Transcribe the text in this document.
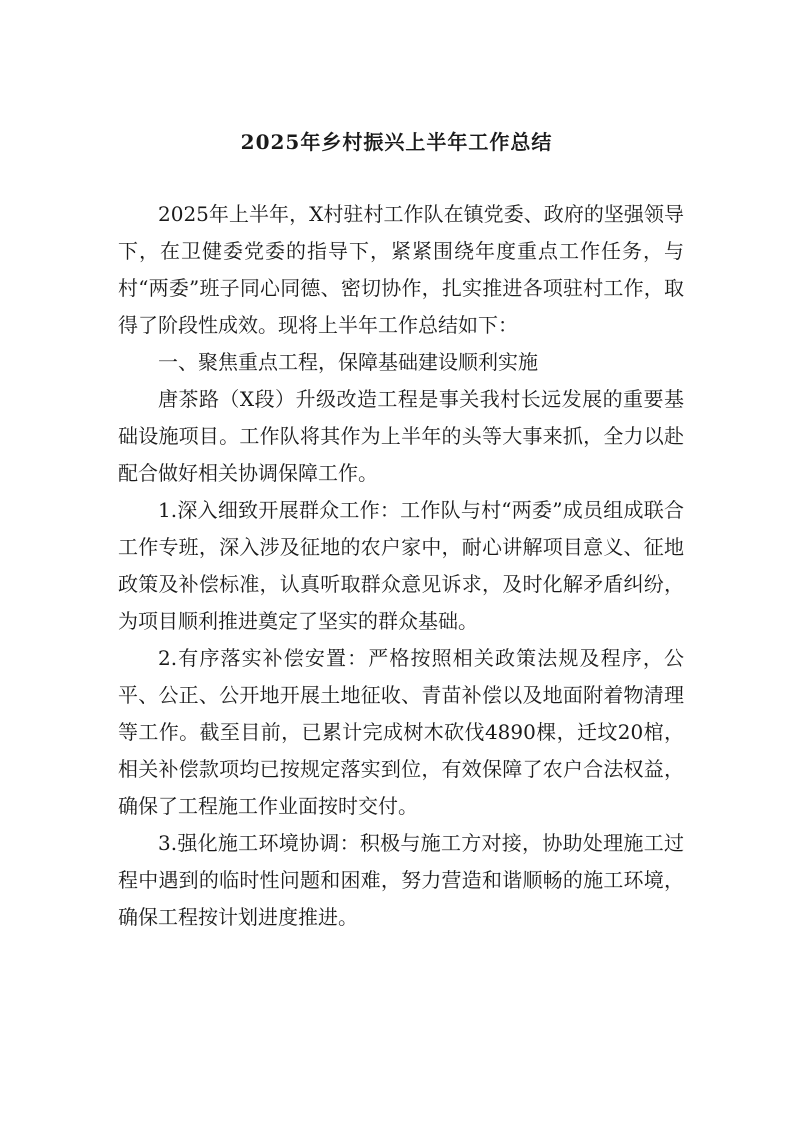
2025年乡村振兴上半年工作总结

2025年上半年，X村驻村工作队在镇党委、政府的坚强领导下，在卫健委党委的指导下，紧紧围绕年度重点工作任务，与村“两委”班子同心同德、密切协作，扎实推进各项驻村工作，取得了阶段性成效。现将上半年工作总结如下：

一、聚焦重点工程，保障基础建设顺利实施

唐茶路（X段）升级改造工程是事关我村长远发展的重要基础设施项目。工作队将其作为上半年的头等大事来抓，全力以赴配合做好相关协调保障工作。

1.深入细致开展群众工作：工作队与村“两委”成员组成联合工作专班，深入涉及征地的农户家中，耐心讲解项目意义、征地政策及补偿标准，认真听取群众意见诉求，及时化解矛盾纠纷，为项目顺利推进奠定了坚实的群众基础。

2.有序落实补偿安置：严格按照相关政策法规及程序，公平、公正、公开地开展土地征收、青苗补偿以及地面附着物清理等工作。截至目前，已累计完成树木砍伐4890棵，迁坟20棺，相关补偿款项均已按规定落实到位，有效保障了农户合法权益，确保了工程施工作业面按时交付。

3.强化施工环境协调：积极与施工方对接，协助处理施工过程中遇到的临时性问题和困难，努力营造和谐顺畅的施工环境，确保工程按计划进度推进。
